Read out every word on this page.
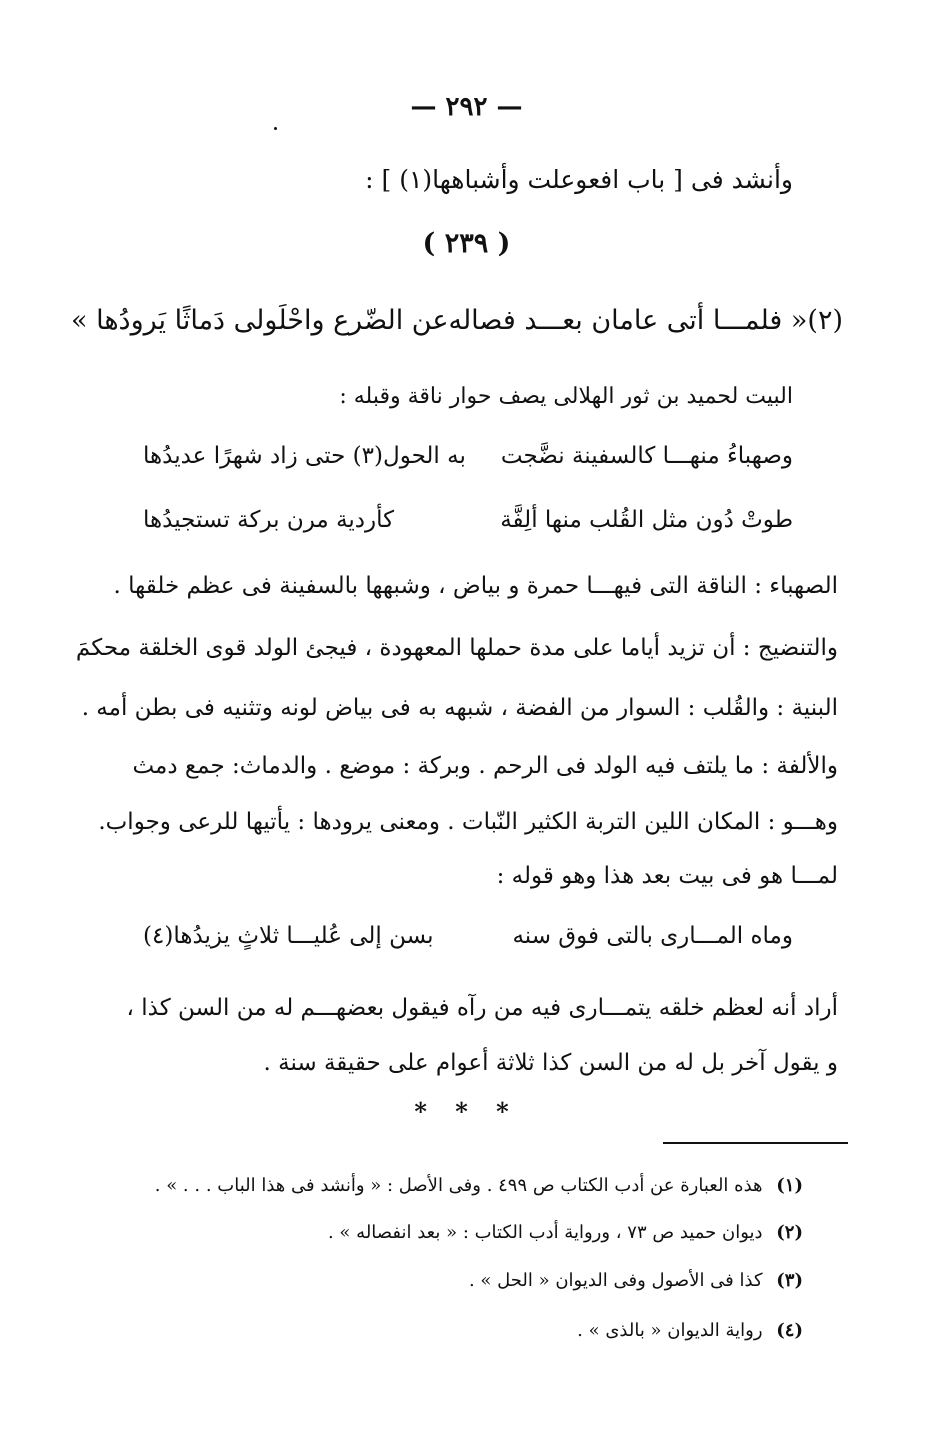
— ٢٩٢ —
وأنشد فى [ باب افعوعلت وأشباهها(١) ] :
( ٢٣٩ )
(٢)« فلمـــا أتى عامان بعـــد فصاله
عن الضّرع واحْلَولى دَماثًا يَرودُها »
البيت لحميد بن ثور الهلالى يصف حوار ناقة وقبله :
وصهباءُ منهـــا كالسفينة نضَّجت
به الحول(٣) حتى زاد شهرًا عديدُها
طوتْ دُون مثل القُلب منها ألِفَّة
كأردية مرن بركة تستجيدُها
الصهباء : الناقة التى فيهـــا حمرة و بياض ، وشبهها بالسفينة فى عظم خلقها .
والتنضيج : أن تزيد أياما على مدة حملها المعهودة ، فيجئ الولد قوى الخلقة محكمَ
البنية : والقُلب : السوار من الفضة ، شبهه به فى بياض لونه وتثنيه فى بطن أمه .
والألفة : ما يلتف فيه الولد فى الرحم . وبركة : موضع . والدماث: جمع دمث
وهـــو : المكان اللين التربة الكثير النّبات . ومعنى يرودها : يأتيها للرعى وجواب.
لمـــا هو فى بيت بعد هذا وهو قوله :
وماه المـــارى بالتى فوق سنه
بسن إلى عُليـــا ثلاثٍ يزيدُها(٤)
أراد أنه لعظم خلقه يتمـــارى فيه من رآه فيقول بعضهـــم له من السن كذا ،
و يقول آخر بل له من السن كذا ثلاثة أعوام على حقيقة سنة .
* * *
(١) هذه العبارة عن أدب الكتاب ص ٤٩٩ . وفى الأصل : « وأنشد فى هذا الباب . . . » .
(٢) ديوان حميد ص ٧٣ ، ورواية أدب الكتاب : « بعد انفصاله » .
(٣) كذا فى الأصول وفى الديوان « الحل » .
(٤) رواية الديوان « بالذى » .
